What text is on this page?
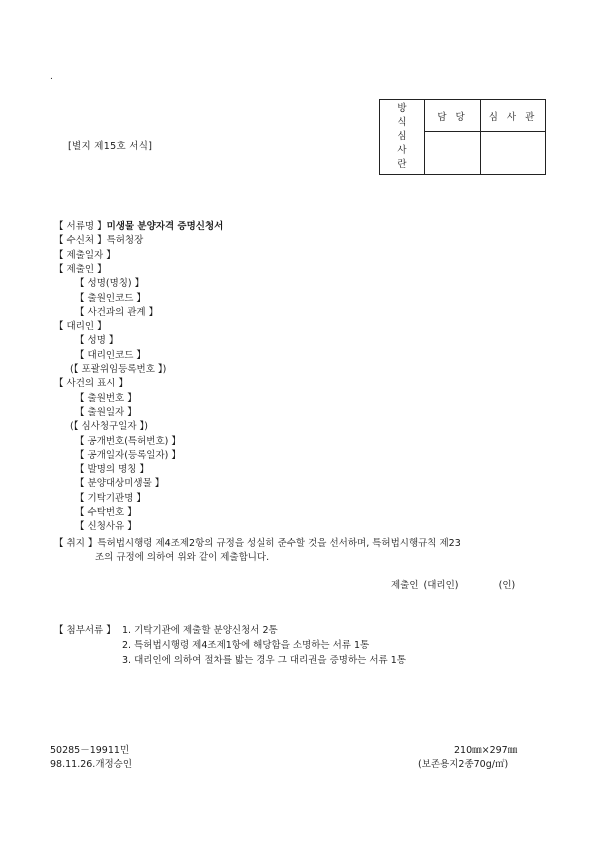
.
[별지 제15호 서식]
방
식
심
사
란
담 당	심 사 관
【 서류명 】미생물 분양자격 증명신청서
【 수신처 】특허청장
【 제출일자 】
【 제출인 】
【 성명(명칭) 】
【 출원인코드 】
【 사건과의 관계 】
【 대리인 】
【 성명 】
【 대리인코드 】
(【 포괄위임등록번호 】)
【 사건의 표시 】
【 출원번호 】
【 출원일자 】
(【 심사청구일자 】)
【 공개번호(특허번호) 】
【 공개일자(등록일자) 】
【 발명의 명칭 】
【 분양대상미생물 】
【 기탁기관명 】
【 수탁번호 】
【 신청사유 】
【 취지 】특허법시행령 제4조제2항의 규정을 성실히 준수할 것을 선서하며, 특허법시행규칙 제23
조의 규정에 의하여 위와 같이 제출합니다.
제출인 (대리인)        (인)
【 첨부서류 】 1. 기탁기관에 제출할 분양신청서 2통
2. 특허법시행령 제4조제1항에 해당함을 소명하는 서류 1통
3. 대리인에 의하여 절차를 밟는 경우 그 대리권을 증명하는 서류 1통
50285－19911민
98.11.26.개정승인
210㎜×297㎜
(보존용지2종70g/㎡)
